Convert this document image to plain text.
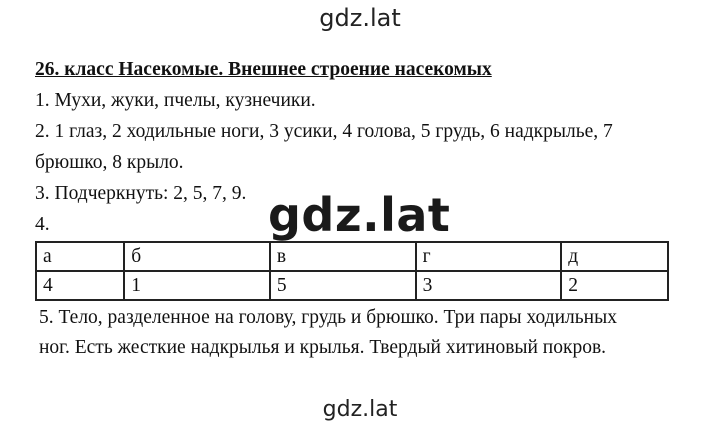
gdz.lat

26. класс Насекомые. Внешнее строение насекомых

1. Мухи, жуки, пчелы, кузнечики.

2. 1 глаз, 2 ходильные ноги, 3 усики, 4 голова, 5 грудь, 6 надкрылье, 7

брюшко, 8 крыло.

3. Подчеркнуть: 2, 5, 7, 9.

4.

а	б	в	г	д
4	1	5	3	2

5. Тело, разделенное на голову, грудь и брюшко. Три пары ходильных

ног. Есть жесткие надкрылья и крылья. Твердый хитиновый покров.

gdz.lat
gdz.lat
